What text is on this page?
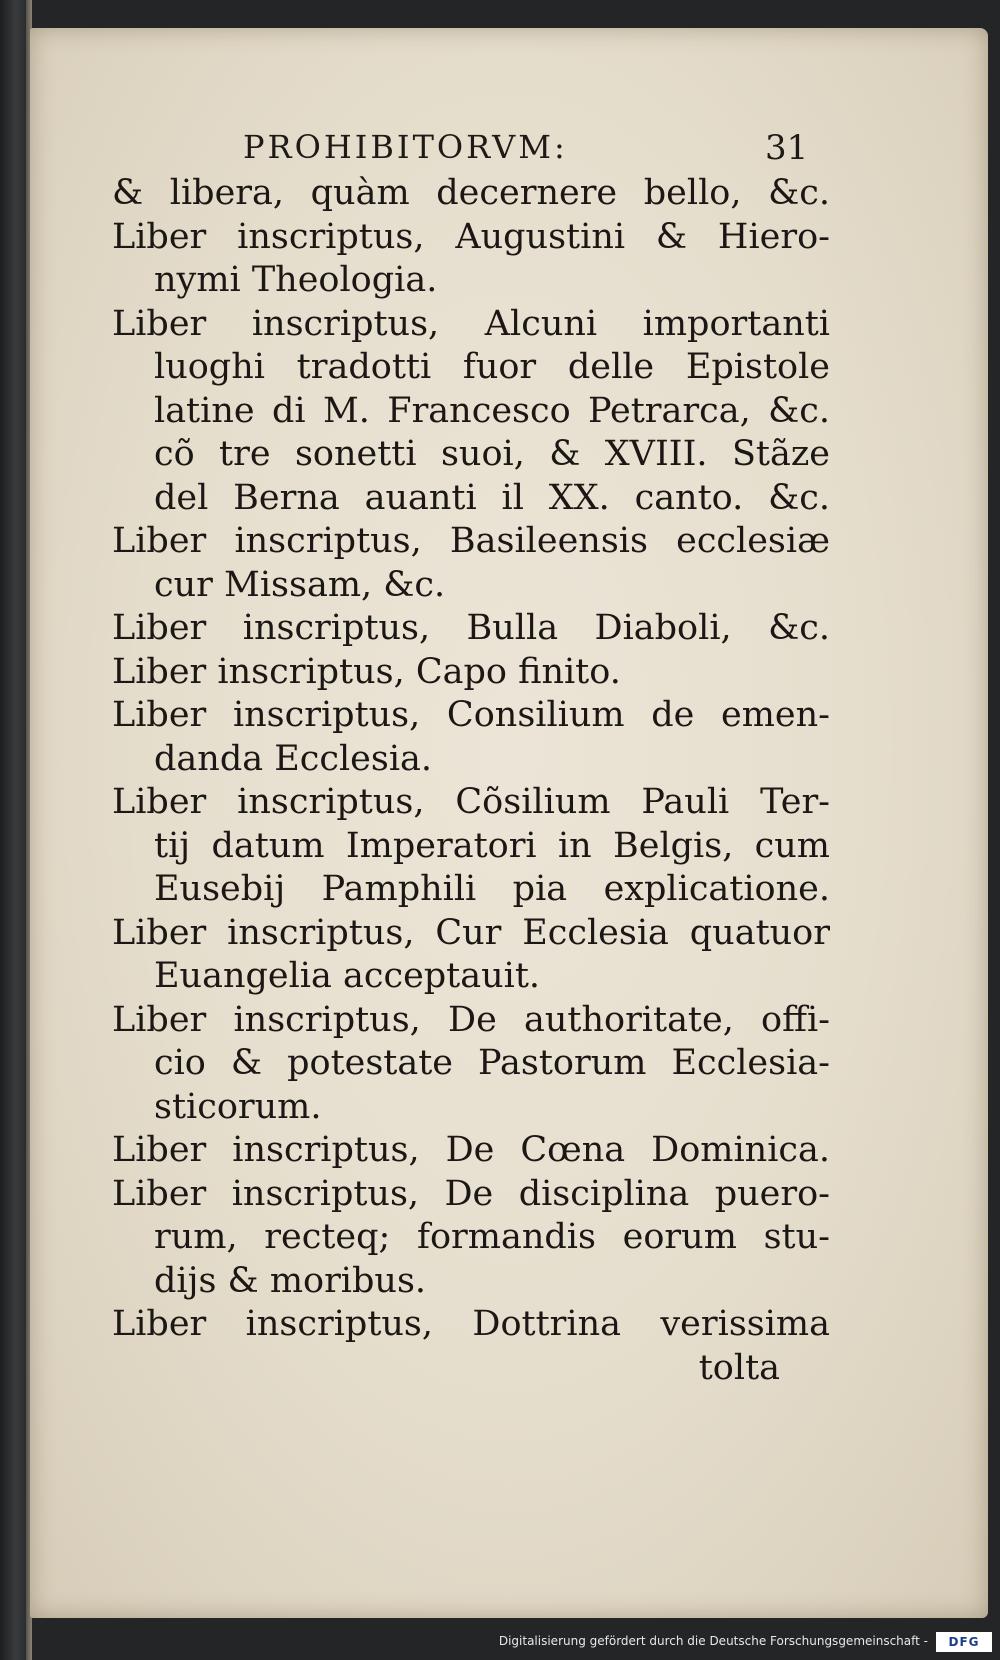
PROHIBITORVM:	31
& libera, quàm decernere bello, &c.
Liber inscriptus, Augustini & Hiero-
nymi Theologia.
Liber inscriptus, Alcuni importanti
luoghi tradotti fuor delle Epistole
latine di M. Francesco Petrarca, &c.
cõ tre sonetti suoi, & XVIII. Stãze
del Berna auanti il XX. canto. &c.
Liber inscriptus, Basileensis ecclesiæ
cur Missam, &c.
Liber inscriptus, Bulla Diaboli, &c.
Liber inscriptus, Capo finito.
Liber inscriptus, Consilium de emen-
danda Ecclesia.
Liber inscriptus, Cõsilium Pauli Ter-
tij datum Imperatori in Belgis, cum
Eusebij Pamphili pia explicatione.
Liber inscriptus, Cur Ecclesia quatuor
Euangelia acceptauit.
Liber inscriptus, De authoritate, offi-
cio & potestate Pastorum Ecclesia-
sticorum.
Liber inscriptus, De Cœna Dominica.
Liber inscriptus, De disciplina puero-
rum, recteq; formandis eorum stu-
dijs & moribus.
Liber inscriptus, Dottrina verissima
tolta
Digitalisierung gefördert durch die Deutsche Forschungsgemeinschaft -	DFG
